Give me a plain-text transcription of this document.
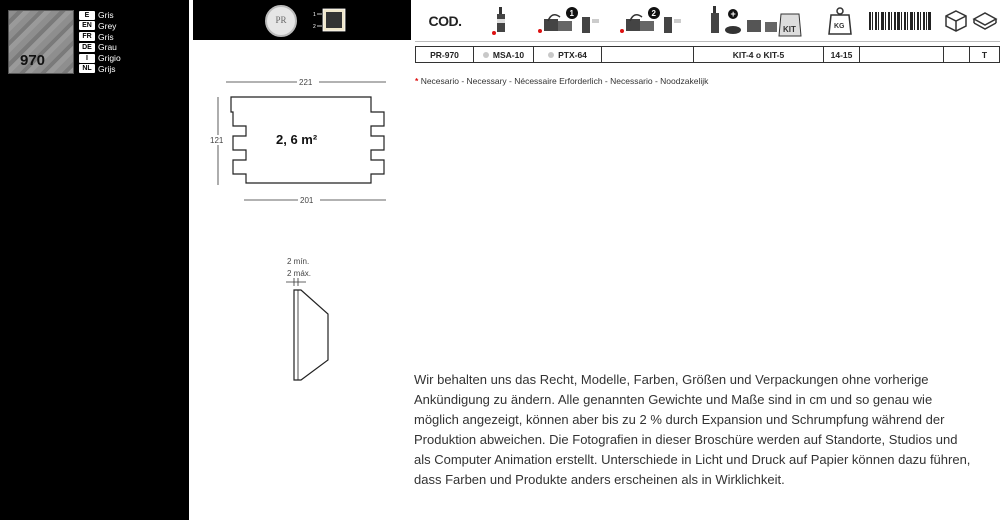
970
E	Gris
EN Grey
FR Gris
DE Grau
I	Grigio
NL Grijs
PR	1
2	COD.	1	2	+
KIT	KG
PR-970	MSA-10	PTX-64	KIT-4 o KIT-5	14-15	T
* Necesario - Necessary - Nécessaire Erforderlich - Necessario - Noodzakelijk
221
121	2, 6 m²
201
2 mín.
2 máx.
Wir behalten uns das Recht, Modelle, Farben, Größen und Verpackungen ohne vorherige Ankündigung zu ändern. Alle genannten Gewichte und Maße sind in cm und so genau wie möglich angezeigt, können aber bis zu 2 % durch Expansion und Schrumpfung während der Produktion abweichen. Die Fotografien in dieser Broschüre werden auf Standorte, Studios und als Computer Animation erstellt. Unterschiede in Licht und Druck auf Papier können dazu führen, dass Farben und Produkte anders erscheinen als in Wirklichkeit.
